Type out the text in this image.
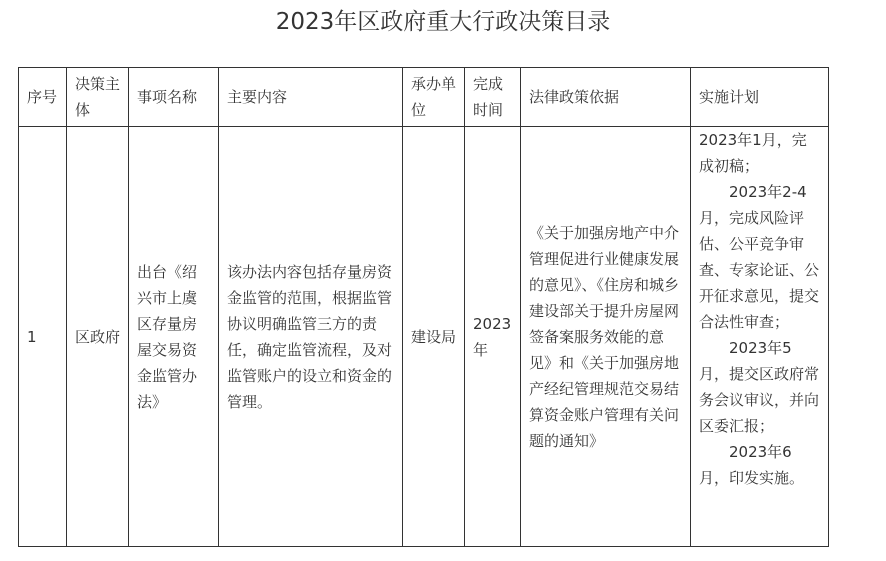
2023年区政府重大行政决策目录
序号	决策主体	事项名称	主要内容	承办单位	完成时间	法律政策依据	实施计划
1	区政府	出台《绍兴市上虞区存量房屋交易资金监管办法》	该办法内容包括存量房资金监管的范围，根据监管协议明确监管三方的责任，确定监管流程，及对监管账户的设立和资金的管理。	建设局	2023年	《关于加强房地产中介管理促进行业健康发展的意见》、《住房和城乡建设部关于提升房屋网签备案服务效能的意见》和《关于加强房地产经纪管理规范交易结算资金账户管理有关问题的通知》	2023年1月，完成初稿；
2023年2-4月，完成风险评估、公平竞争审查、专家论证、公开征求意见，提交合法性审查；
2023年5月，提交区政府常务会议审议，并向区委汇报；
2023年6月，印发实施。
